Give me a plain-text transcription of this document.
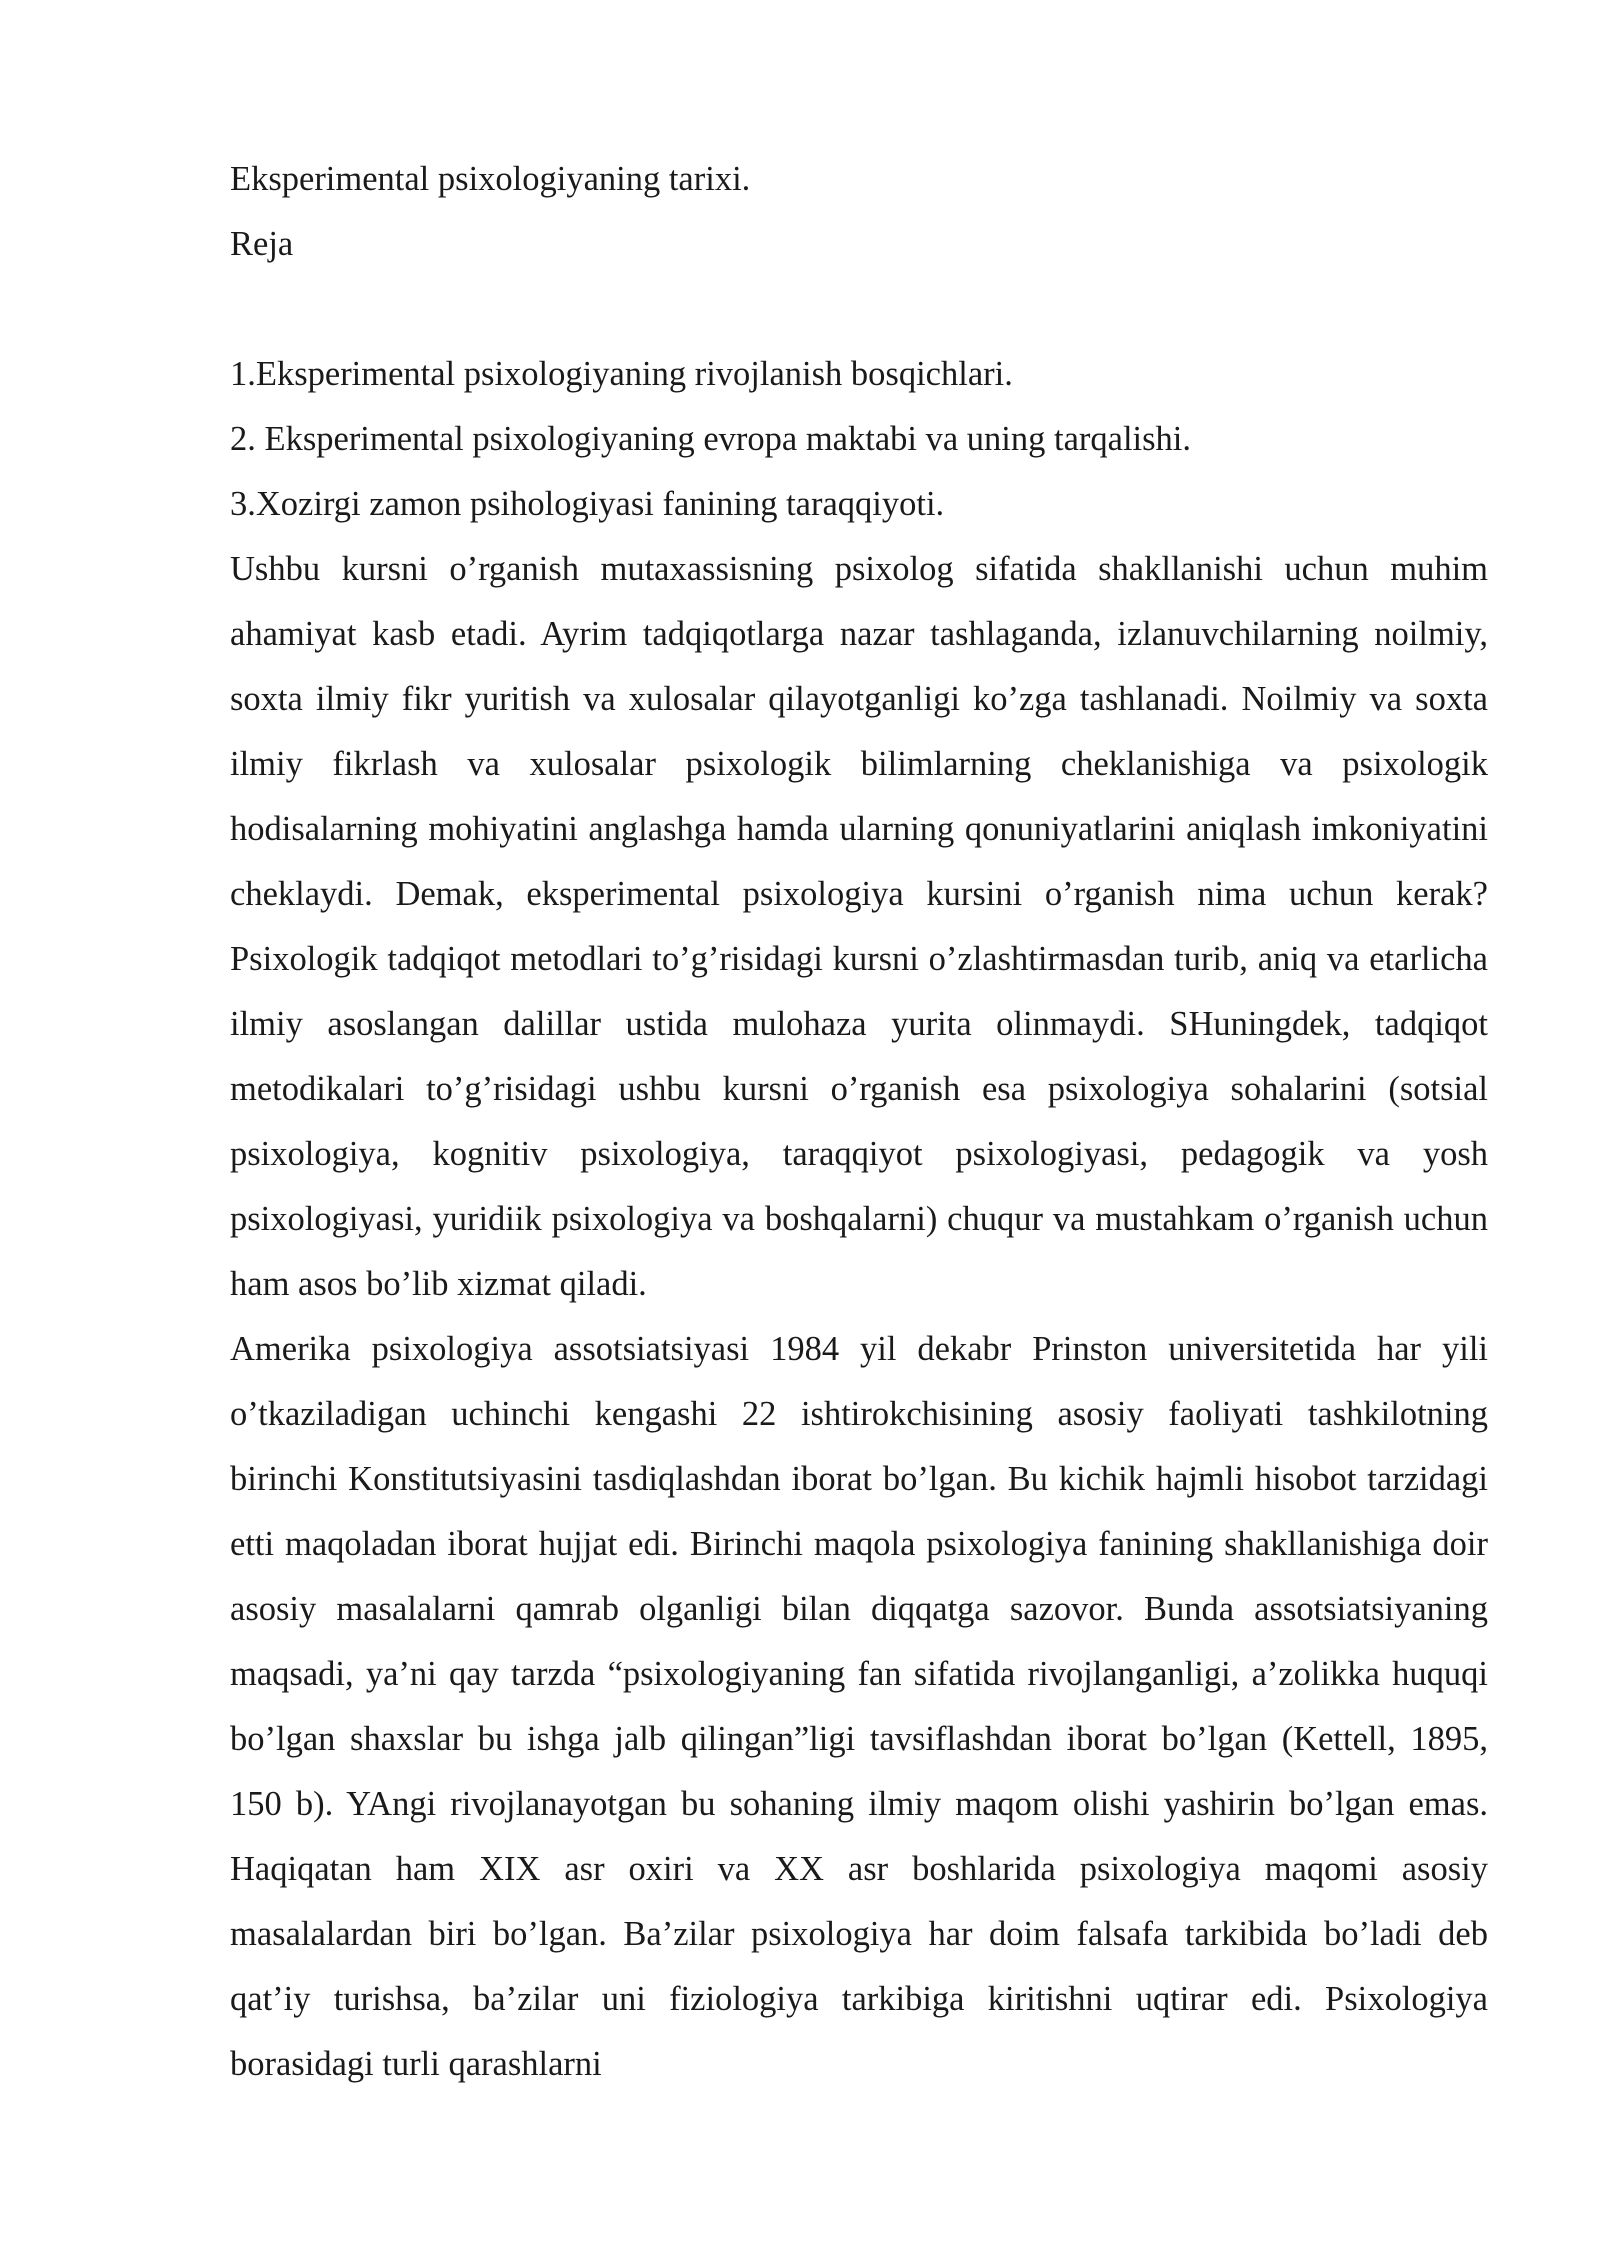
Eksperimental psixologiyaning tarixi.

Reja

1.Eksperimental psixologiyaning rivojlanish bosqichlari.

2. Eksperimental psixologiyaning evropa maktabi va uning tarqalishi.

3.Xozirgi zamon psihologiyasi fanining taraqqiyoti.

Ushbu kursni o’rganish mutaxassisning psixolog sifatida shakllanishi uchun muhim ahamiyat kasb etadi. Ayrim tadqiqotlarga nazar tashlaganda, izlanuvchilarning noilmiy, soxta ilmiy fikr yuritish va xulosalar qilayotganligi ko’zga tashlanadi. Noilmiy va soxta ilmiy fikrlash va xulosalar psixologik bilimlarning cheklanishiga va psixologik hodisalarning mohiyatini anglashga hamda ularning qonuniyatlarini aniqlash imkoniyatini cheklaydi. Demak, eksperimental psixologiya kursini o’rganish nima uchun kerak? Psixologik tadqiqot metodlari to’g’risidagi kursni o’zlashtirmasdan turib, aniq va etarlicha ilmiy asoslangan dalillar ustida mulohaza yurita olinmaydi. SHuningdek, tadqiqot metodikalari to’g’risidagi ushbu kursni o’rganish esa psixologiya sohalarini (sotsial psixologiya, kognitiv psixologiya, taraqqiyot psixologiyasi, pedagogik va yosh psixologiyasi, yuridiik psixologiya va boshqalarni) chuqur va mustahkam o’rganish uchun ham asos bo’lib xizmat qiladi.

Amerika psixologiya assotsiatsiyasi 1984 yil dekabr Prinston universitetida har yili o’tkaziladigan uchinchi kengashi 22 ishtirokchisining asosiy faoliyati tashkilotning birinchi Konstitutsiyasini tasdiqlashdan iborat bo’lgan. Bu kichik hajmli hisobot tarzidagi etti maqoladan iborat hujjat edi. Birinchi maqola psixologiya fanining shakllanishiga doir asosiy masalalarni qamrab olganligi bilan diqqatga sazovor. Bunda assotsiatsiyaning maqsadi, ya’ni qay tarzda “psixologiyaning fan sifatida rivojlanganligi, a’zolikka huquqi bo’lgan shaxslar bu ishga jalb qilingan”ligi tavsiflashdan iborat bo’lgan (Kettell, 1895, 150 b). YAngi rivojlanayotgan bu sohaning ilmiy maqom olishi yashirin bo’lgan emas. Haqiqatan ham XIX asr oxiri va XX asr boshlarida psixologiya maqomi asosiy masalalardan biri bo’lgan. Ba’zilar psixologiya har doim falsafa tarkibida bo’ladi deb qat’iy turishsa, ba’zilar uni fiziologiya tarkibiga kiritishni uqtirar edi. Psixologiya borasidagi turli qarashlarni
